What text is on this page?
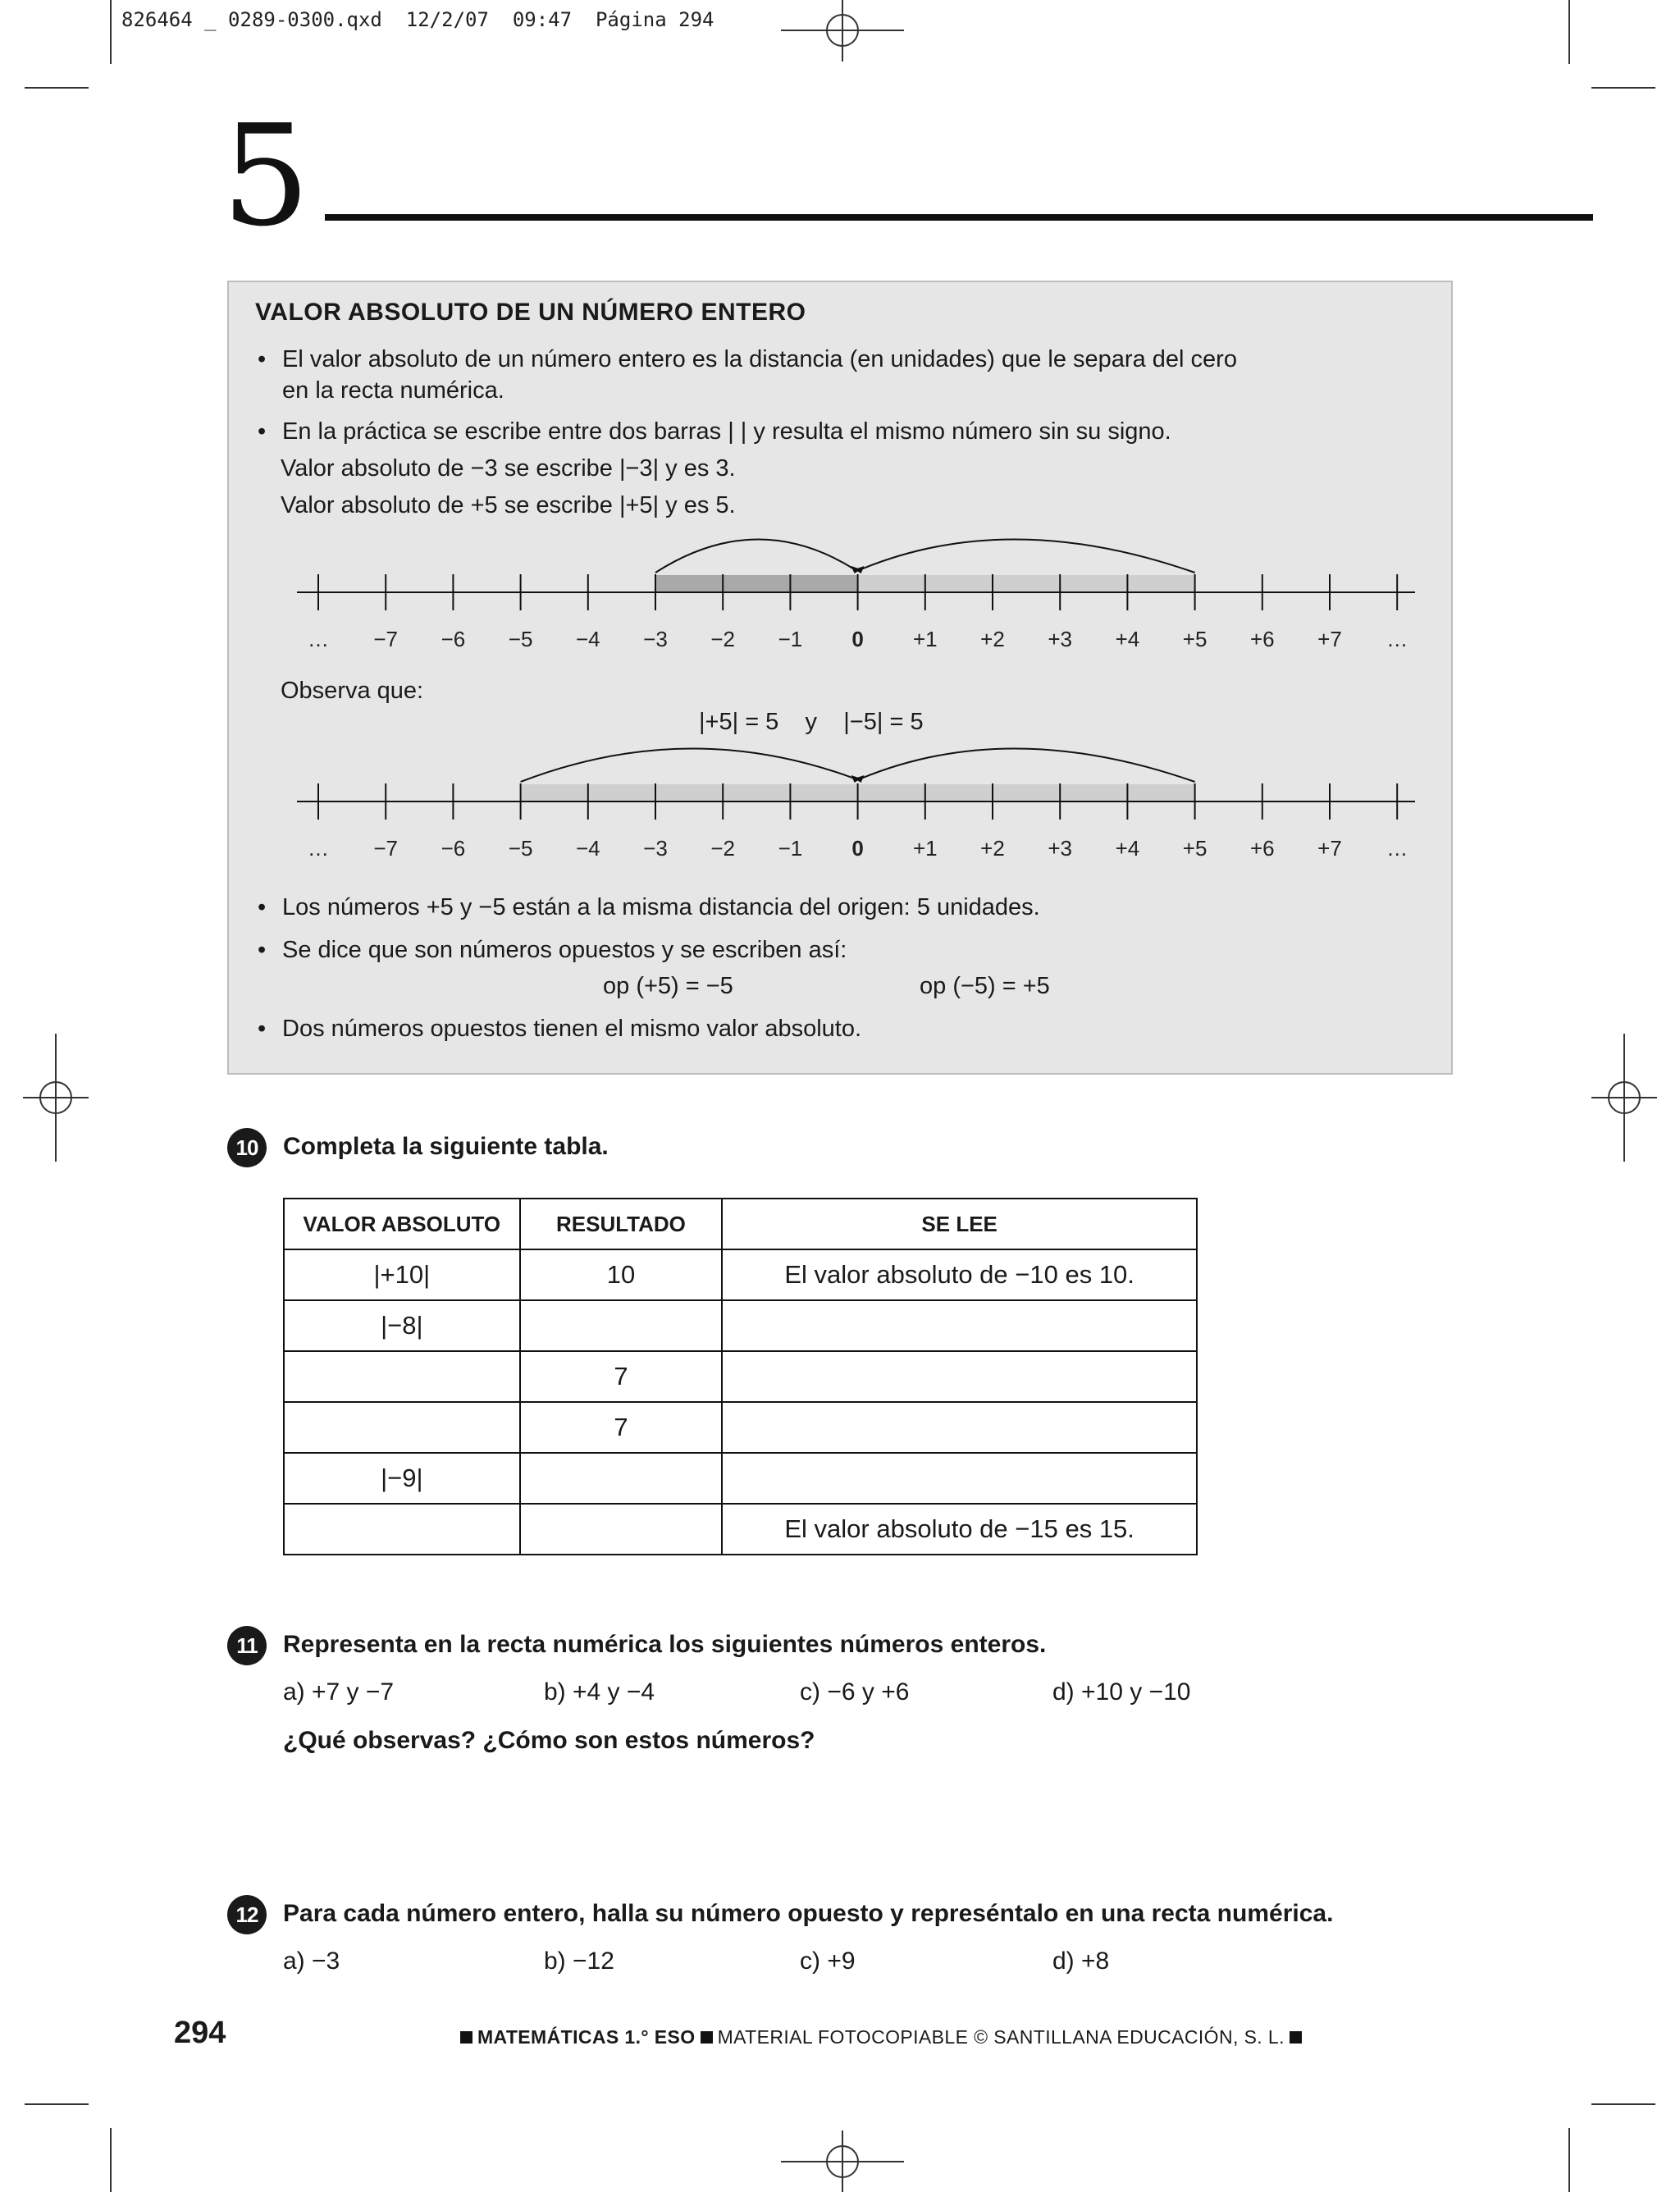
826464 _ 0289-0300.qxd  12/2/07  09:47  Página 294
5
VALOR ABSOLUTO DE UN NÚMERO ENTERO
• El valor absoluto de un número entero es la distancia (en unidades) que le separa del cero
en la recta numérica.
• En la práctica se escribe entre dos barras | | y resulta el mismo número sin su signo.
Valor absoluto de −3 se escribe |−3| y es 3.
Valor absoluto de +5 se escribe |+5| y es 5.
… −7 −6 −5 −4 −3 −2 −1 0 +1 +2 +3 +4 +5 +6 +7 …
Observa que:
|+5| = 5    y    |−5| = 5
… −7 −6 −5 −4 −3 −2 −1 0 +1 +2 +3 +4 +5 +6 +7 …
• Los números +5 y −5 están a la misma distancia del origen: 5 unidades.
• Se dice que son números opuestos y se escriben así:
op (+5) = −5	op (−5) = +5
• Dos números opuestos tienen el mismo valor absoluto.
10	Completa la siguiente tabla.
VALOR ABSOLUTO	RESULTADO	SE LEE
|+10|	10	El valor absoluto de −10 es 10.
|−8|		
	7	
	7	
|−9|		
		El valor absoluto de −15 es 15.
11	Representa en la recta numérica los siguientes números enteros.
a) +7 y −7	b) +4 y −4	c) −6 y +6	d) +10 y −10
¿Qué observas? ¿Cómo son estos números?
12	Para cada número entero, halla su número opuesto y represéntalo en una recta numérica.
a) −3	b) −12	c) +9	d) +8
294	MATEMÁTICAS 1.° ESO MATERIAL FOTOCOPIABLE © SANTILLANA EDUCACIÓN, S. L.
